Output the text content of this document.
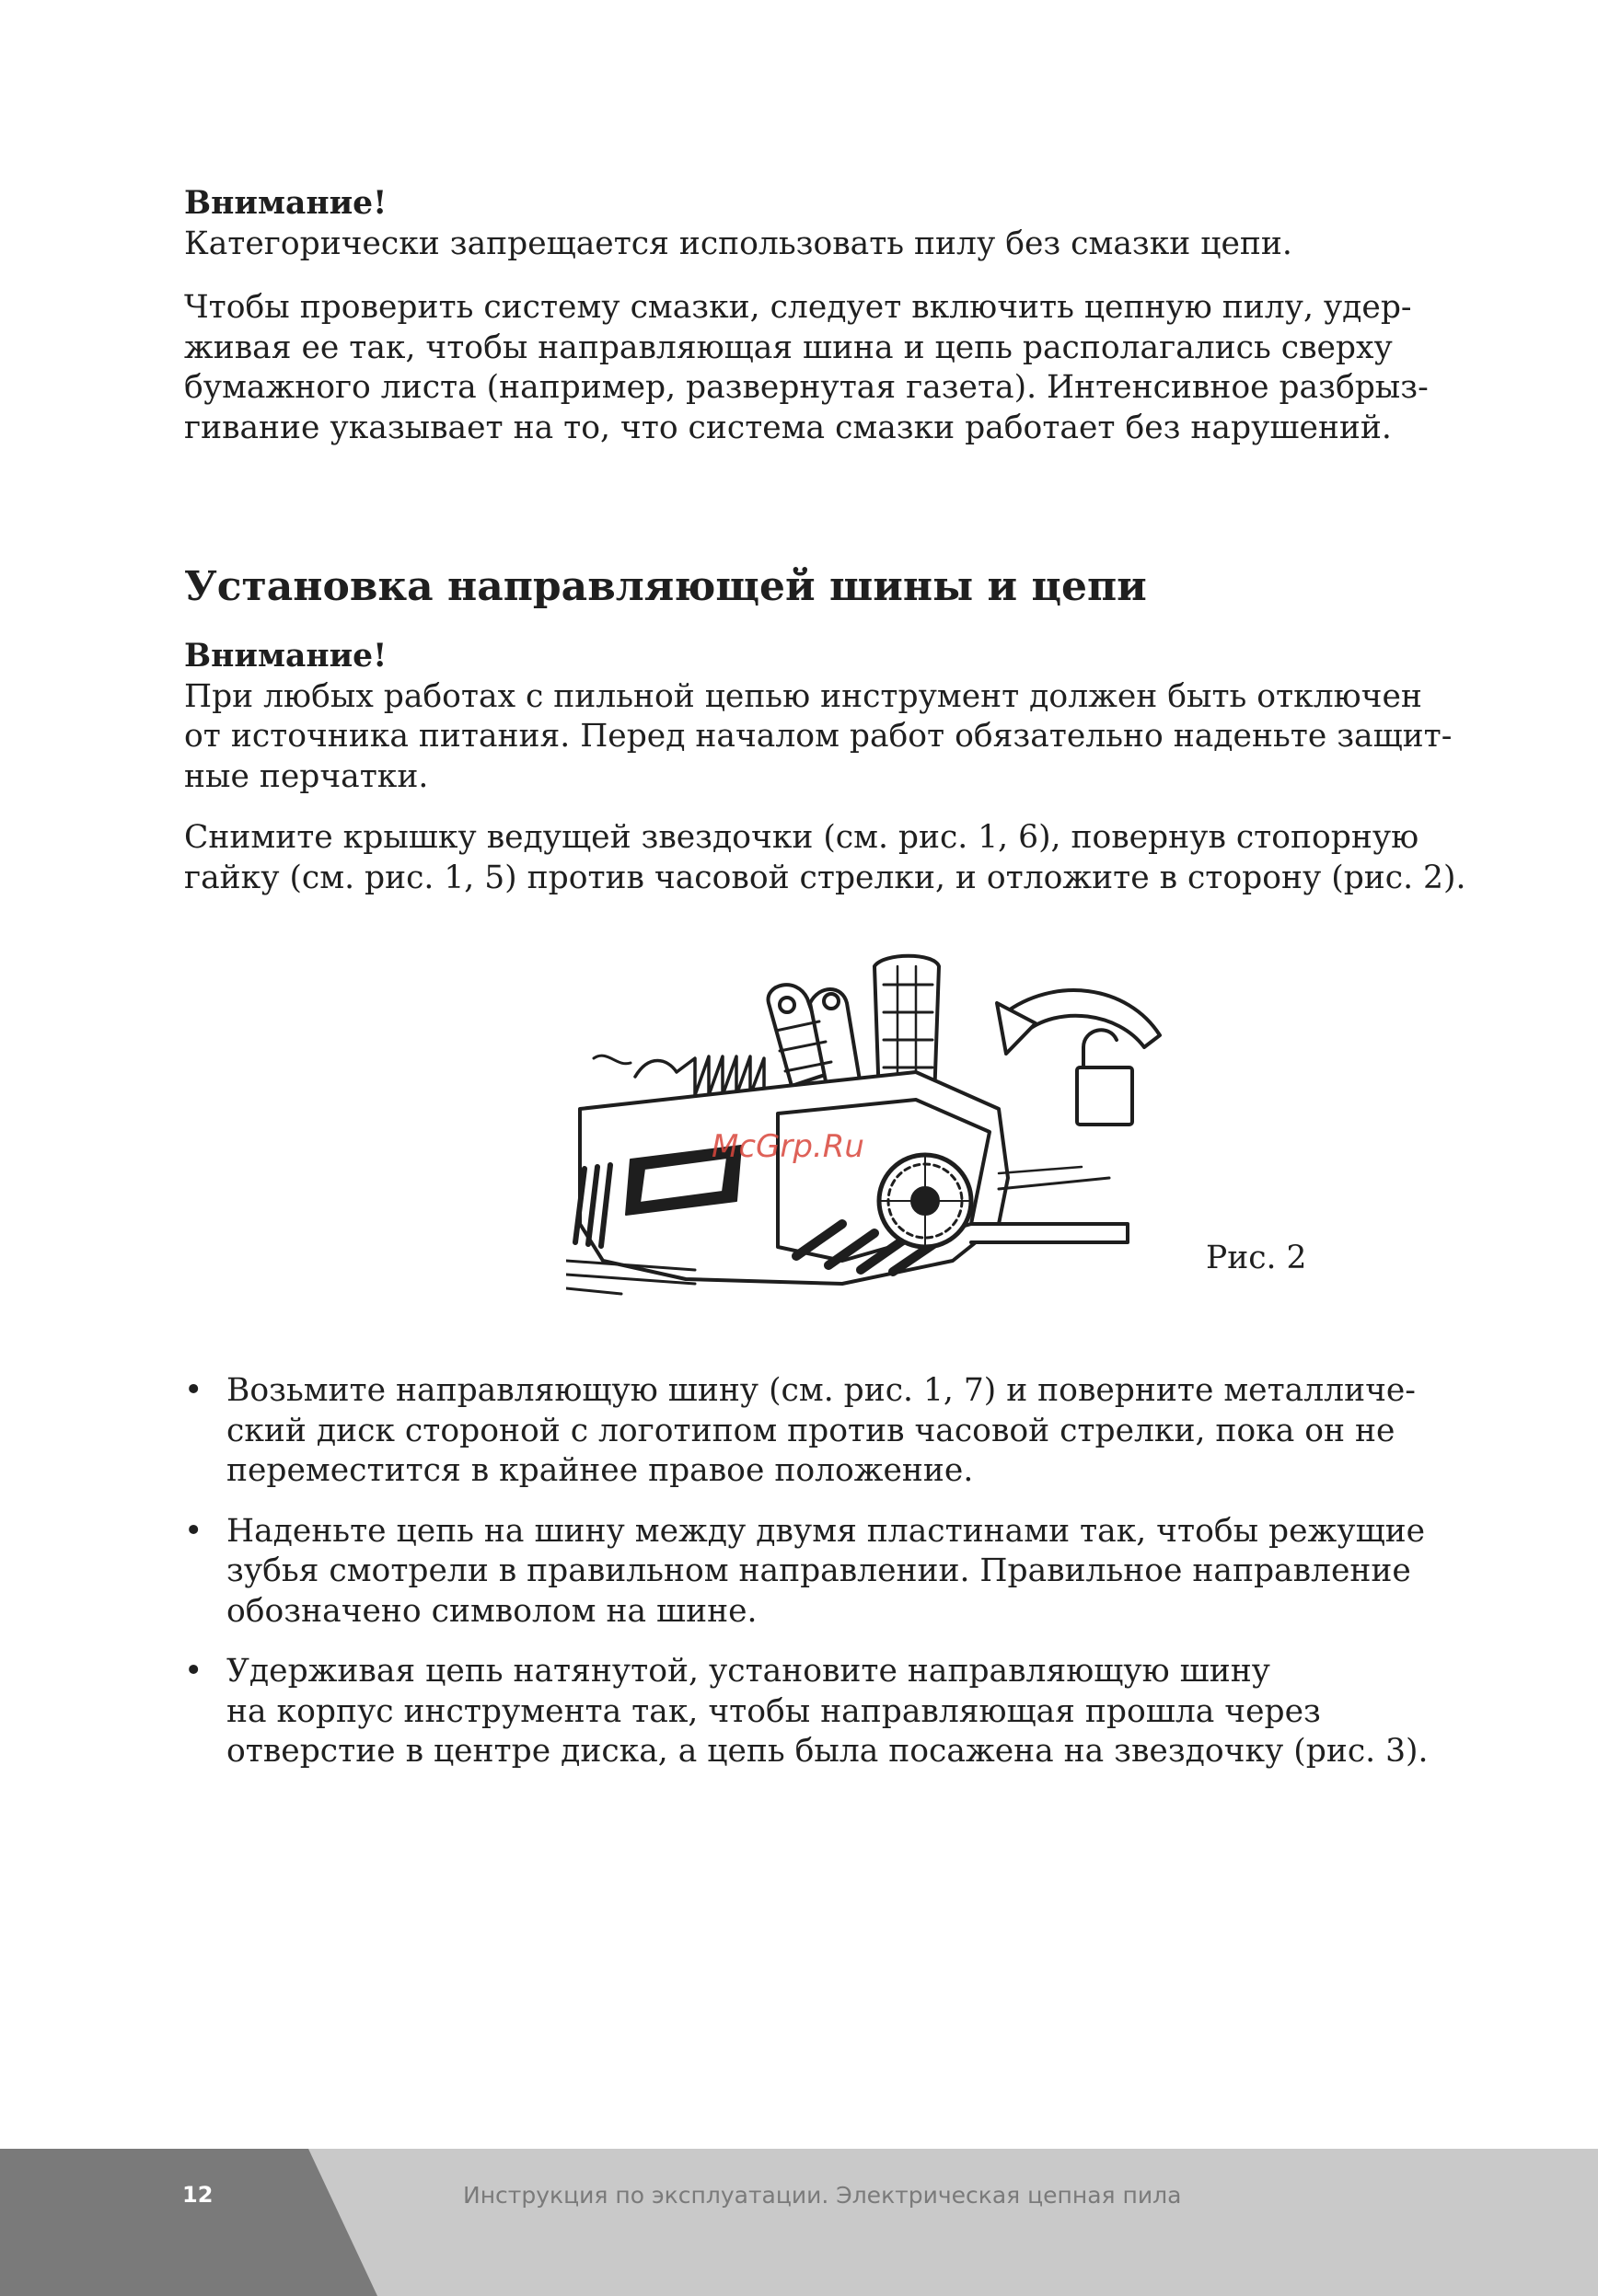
Внимание!

Категорически запрещается использовать пилу без смазки цепи.

Чтобы проверить систему смазки, следует включить цепную пилу, удер-
живая ее так, чтобы направляющая шина и цепь располагались сверху
бумажного листа (например, развернутая газета). Интенсивное разбрыз-
гивание указывает на то, что система смазки работает без нарушений.

Установка направляющей шины и цепи

Внимание!

При любых работах с пильной цепью инструмент должен быть отключен
от источника питания. Перед началом работ обязательно наденьте защит-
ные перчатки.

Снимите крышку ведущей звездочки (см. рис. 1, 6), повернув стопорную
гайку (см. рис. 1, 5) против часовой стрелки, и отложите в сторону (рис. 2).

McGrp.Ru
Рис. 2
• Возьмите направляющую шину (см. рис. 1, 7) и поверните металличе-
ский диск стороной с логотипом против часовой стрелки, пока он не
переместится в крайнее правое положение.

• Наденьте цепь на шину между двумя пластинами так, чтобы режущие
зубья смотрели в правильном направлении. Правильное направление
обозначено символом на шине.

• Удерживая цепь натянутой, установите направляющую шину
на корпус инструмента так, чтобы направляющая прошла через
отверстие в центре диска, а цепь была посажена на звездочку (рис. 3).

12	Инструкция по эксплуатации. Электрическая цепная пила
